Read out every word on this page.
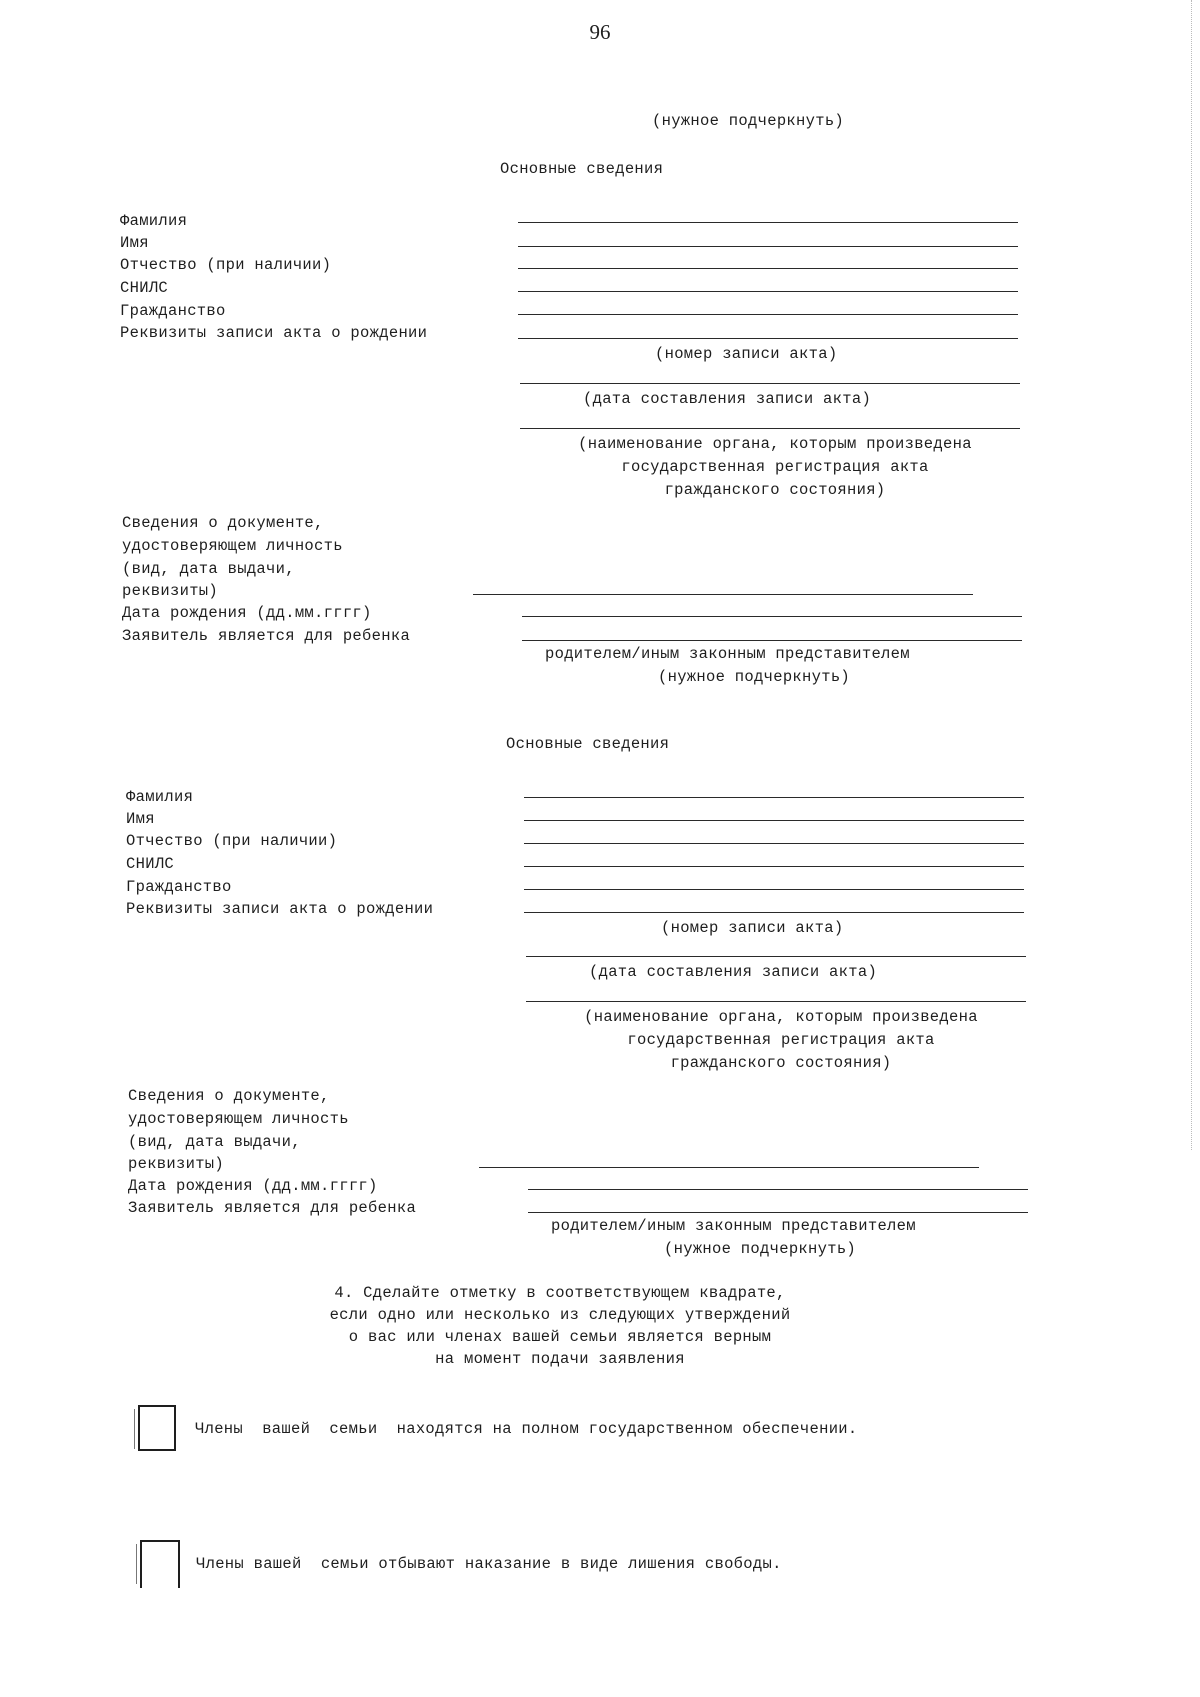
96
(нужное подчеркнуть)
Основные сведения
Фамилия
Имя
Отчество (при наличии)
СНИЛС
Гражданство
Реквизиты записи акта о рождении
(номер записи акта)
(дата составления записи акта)
(наименование органа, которым произведена
государственная регистрация акта
гражданского состояния)
Сведения о документе,
удостоверяющем личность
(вид, дата выдачи,
реквизиты)
Дата рождения (дд.мм.гггг)
Заявитель является для ребенка
родителем/иным законным представителем
(нужное подчеркнуть)
Основные сведения
Фамилия
Имя
Отчество (при наличии)
СНИЛС
Гражданство
Реквизиты записи акта о рождении
(номер записи акта)
(дата составления записи акта)
(наименование органа, которым произведена
государственная регистрация акта
гражданского состояния)
Сведения о документе,
удостоверяющем личность
(вид, дата выдачи,
реквизиты)
Дата рождения (дд.мм.гггг)
Заявитель является для ребенка
родителем/иным законным представителем
(нужное подчеркнуть)
4. Сделайте отметку в соответствующем квадрате,
если одно или несколько из следующих утверждений
о вас или членах вашей семьи является верным
на момент подачи заявления
Члены  вашей  семьи  находятся на полном государственном обеспечении.
Члены вашей  семьи отбывают наказание в виде лишения свободы.
